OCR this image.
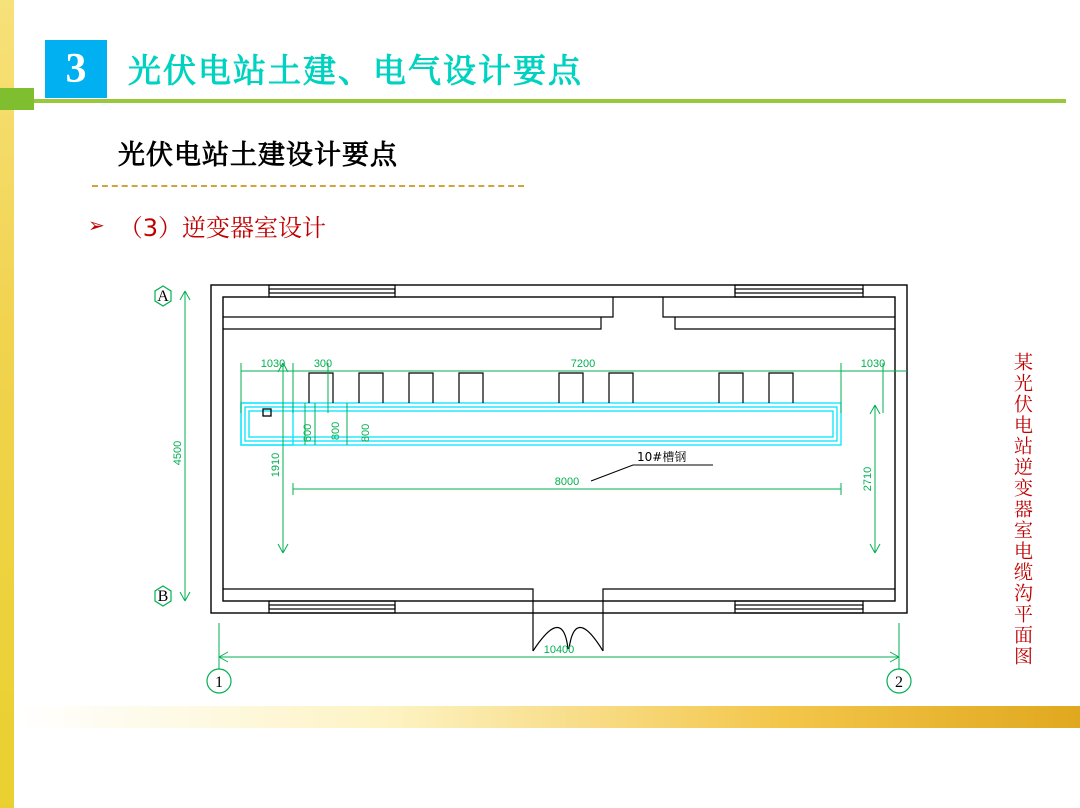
3 光伏电站土建、电气设计要点
光伏电站土建设计要点
➢ （3）逆变器室设计
A
B
1	2
4500	1910
600 800 800
1030	300	7200	1030
8000	2710
10400
10#槽钢	某光伏电站逆变器室电缆沟平面图
